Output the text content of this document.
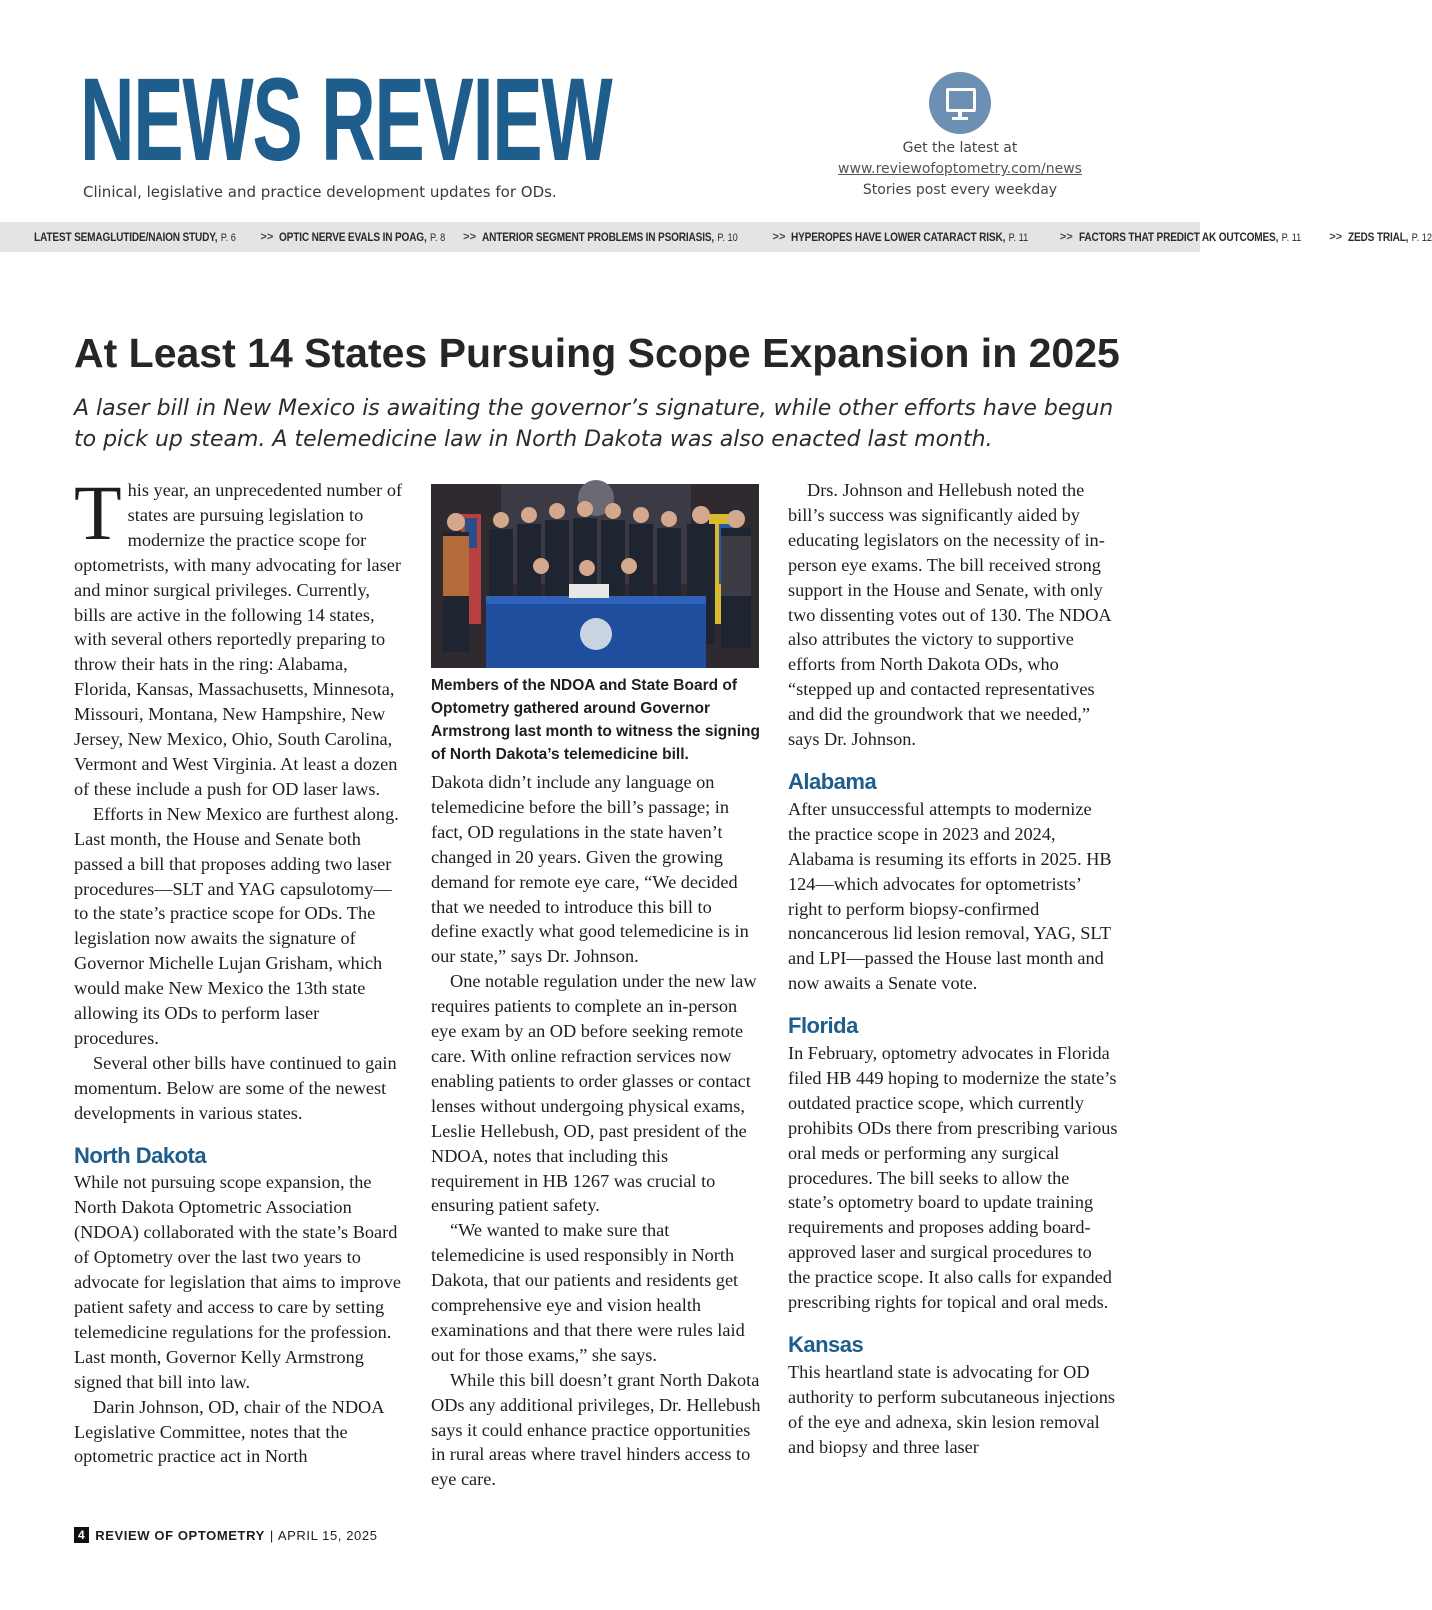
NEWS REVIEW
Clinical, legislative and practice development updates for ODs.
Get the latest at
www.reviewofoptometry.com/news
Stories post every weekday
LATEST SEMAGLUTIDE/NAION STUDY, P. 6 >> OPTIC NERVE EVALS IN POAG, P. 8 >> ANTERIOR SEGMENT PROBLEMS IN PSORIASIS, P. 10	>> HYPEROPES HAVE LOWER CATARACT RISK, P. 11	>> FACTORS THAT PREDICT AK OUTCOMES, P. 11	>> ZEDS TRIAL, P. 12
At Least 14 States Pursuing Scope Expansion in 2025
A laser bill in New Mexico is awaiting the governor’s signature, while other efforts have begun to pick up steam. A telemedicine law in North Dakota was also enacted last month.

This year, an unprecedented number of states are pursuing legislation to modernize the practice scope for optometrists, with many advocating for laser and minor surgical privileges. Currently, bills are active in the following 14 states, with several others reportedly preparing to throw their hats in the ring: Alabama, Florida, Kansas, Massachusetts, Minnesota, Missouri, Montana, New Hampshire, New Jersey, New Mexico, Ohio, South Carolina, Vermont and West Virginia. At least a dozen of these include a push for OD laser laws.

Efforts in New Mexico are furthest along. Last month, the House and Senate both passed a bill that proposes adding two laser procedures—SLT and YAG capsulotomy—to the state’s practice scope for ODs. The legislation now awaits the signature of Governor Michelle Lujan Grisham, which would make New Mexico the 13th state allowing its ODs to perform laser procedures.

Several other bills have continued to gain momentum. Below are some of the newest developments in various states.

North Dakota

While not pursuing scope expansion, the North Dakota Optometric Association (NDOA) collaborated with the state’s Board of Optometry over the last two years to advocate for legislation that aims to improve patient safety and access to care by setting telemedicine regulations for the profession. Last month, Governor Kelly Armstrong signed that bill into law.

Darin Johnson, OD, chair of the NDOA Legislative Committee, notes that the optometric practice act in North

Members of the NDOA and State Board of Optometry gathered around Governor Armstrong last month to witness the signing of North Dakota’s telemedicine bill.

Dakota didn’t include any language on telemedicine before the bill’s passage; in fact, OD regulations in the state haven’t changed in 20 years. Given the growing demand for remote eye care, “We decided that we needed to introduce this bill to define exactly what good telemedicine is in our state,” says Dr. Johnson.

One notable regulation under the new law requires patients to complete an in-person eye exam by an OD before seeking remote care. With online refraction services now enabling patients to order glasses or contact lenses without undergoing physical exams, Leslie Hellebush, OD, past president of the NDOA, notes that including this requirement in HB 1267 was crucial to ensuring patient safety.

“We wanted to make sure that telemedicine is used responsibly in North Dakota, that our patients and residents get comprehensive eye and vision health examinations and that there were rules laid out for those exams,” she says.

While this bill doesn’t grant North Dakota ODs any additional privileges, Dr. Hellebush says it could enhance practice opportunities in rural areas where travel hinders access to eye care.

Drs. Johnson and Hellebush noted the bill’s success was significantly aided by educating legislators on the necessity of in-person eye exams. The bill received strong support in the House and Senate, with only two dissenting votes out of 130. The NDOA also attributes the victory to supportive efforts from North Dakota ODs, who “stepped up and contacted representatives and did the groundwork that we needed,” says Dr. Johnson.

Alabama

After unsuccessful attempts to modernize the practice scope in 2023 and 2024, Alabama is resuming its efforts in 2025. HB 124—which advocates for optometrists’ right to perform biopsy-confirmed noncancerous lid lesion removal, YAG, SLT and LPI—passed the House last month and now awaits a Senate vote.

Florida

In February, optometry advocates in Florida filed HB 449 hoping to modernize the state’s outdated practice scope, which currently prohibits ODs there from prescribing various oral meds or performing any surgical procedures. The bill seeks to allow the state’s optometry board to update training requirements and proposes adding board-approved laser and surgical procedures to the practice scope. It also calls for expanded prescribing rights for topical and oral meds.

Kansas

This heartland state is advocating for OD authority to perform subcutaneous injections of the eye and adnexa, skin lesion removal and biopsy and three laser

4 REVIEW OF OPTOMETRY | APRIL 15, 2025
